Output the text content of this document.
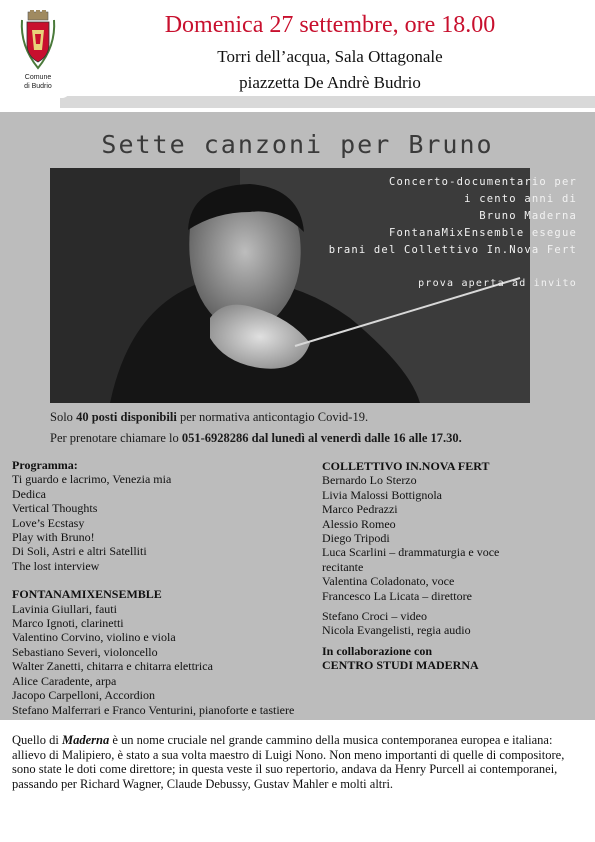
Comune
di Budrio
Domenica 27 settembre, ore 18.00
Torri dell’acqua, Sala Ottagonale
piazzetta De Andrè Budrio
Sette canzoni per Bruno
Concerto-documentario per
i cento anni di
Bruno Maderna
FontanaMixEnsemble esegue
brani del Collettivo In.Nova Fert
prova aperta ad invito
Solo 40 posti disponibili per normativa anticontagio Covid-19.
Per prenotare chiamare lo 051-6928286 dal lunedì al venerdì dalle 16 alle 17.30.
Programma:
Ti guardo e lacrimo, Venezia mia
Dedica
Vertical Thoughts
Love’s Ecstasy
Play with Bruno!
Di Soli, Astri e altri Satelliti
The lost interview
FONTANAMIXENSEMBLE
Lavinia Giullari, fauti
Marco Ignoti, clarinetti
Valentino Corvino, violino e viola
Sebastiano Severi, violoncello
Walter Zanetti, chitarra e chitarra elettrica
Alice Caradente, arpa
Jacopo Carpelloni, Accordion
Stefano Malferrari e Franco Venturini, pianoforte e tastiere
COLLETTIVO IN.NOVA FERT
Bernardo Lo Sterzo
Livia Malossi Bottignola
Marco Pedrazzi
Alessio Romeo
Diego Tripodi
Luca Scarlini – drammaturgia e voce
recitante
Valentina Coladonato, voce
Francesco La Licata – direttore
Stefano Croci – video
Nicola Evangelisti, regia audio
In collaborazione con
CENTRO STUDI MADERNA
Quello di Maderna è un nome cruciale nel grande cammino della musica contemporanea europea e italiana: allievo di Malipiero, è stato a sua volta maestro di Luigi Nono. Non meno importanti di quelle di compositore, sono state le doti come direttore; in questa veste il suo repertorio, andava da Henry Purcell ai contemporanei, passando per Richard Wagner, Claude Debussy, Gustav Mahler e molti altri.
